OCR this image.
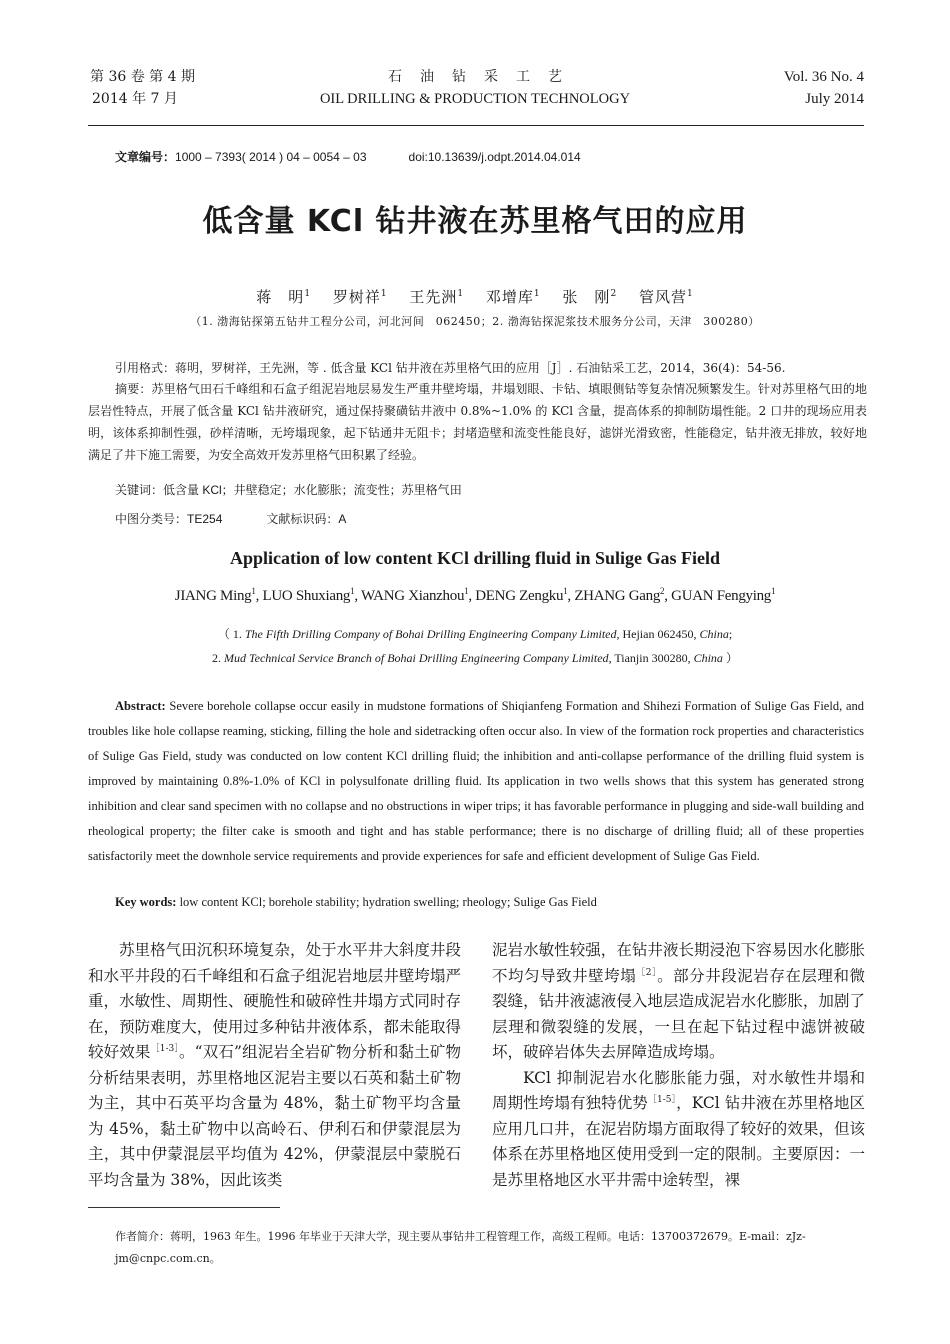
第 36 卷 第 4 期
2014 年 7 月
石油钻采工艺
OIL DRILLING & PRODUCTION TECHNOLOGY
Vol. 36 No. 4
July 2014
文章编号：1000 – 7393( 2014 ) 04 – 0054 – 03	doi:10.13639/j.odpt.2014.04.014
低含量 KCl 钻井液在苏里格气田的应用
蒋　明$^1$ 罗树祥$^1$ 王先洲$^1$ 邓增库$^1$ 张　刚$^2$ 管风营$^1$
（1. 渤海钻探第五钻井工程分公司，河北河间　062450；2. 渤海钻探泥浆技术服务分公司，天津　300280）
引用格式：蒋明，罗树祥，王先洲，等 . 低含量 KCl 钻井液在苏里格气田的应用［J］. 石油钻采工艺，2014，36(4)：54-56.
摘要：苏里格气田石千峰组和石盒子组泥岩地层易发生严重井壁垮塌，井塌划眼、卡钻、填眼侧钻等复杂情况频繁发生。针对苏里格气田的地层岩性特点，开展了低含量 KCl 钻井液研究，通过保持聚磺钻井液中 0.8%~1.0% 的 KCl 含量，提高体系的抑制防塌性能。2 口井的现场应用表明，该体系抑制性强，砂样清晰，无垮塌现象，起下钻通井无阻卡；封堵造壁和流变性能良好，滤饼光滑致密，性能稳定，钻井液无排放，较好地满足了井下施工需要，为安全高效开发苏里格气田积累了经验。
关键词：低含量 KCl；井壁稳定；水化膨胀；流变性；苏里格气田
中图分类号：TE254	文献标识码：A
Application of low content KCl drilling fluid in Sulige Gas Field
JIANG Ming$^1$, LUO Shuxiang$^1$, WANG Xianzhou$^1$, DENG Zengku$^1$, ZHANG Gang$^2$, GUAN Fengying$^1$
（ 1. The Fifth Drilling Company of Bohai Drilling Engineering Company Limited, Hejian 062450, China;
2. Mud Technical Service Branch of Bohai Drilling Engineering Company Limited, Tianjin 300280, China ）
Abstract: Severe borehole collapse occur easily in mudstone formations of Shiqianfeng Formation and Shihezi Formation of Sulige Gas Field, and troubles like hole collapse reaming, sticking, filling the hole and sidetracking often occur also. In view of the formation rock properties and characteristics of Sulige Gas Field, study was conducted on low content KCl drilling fluid; the inhibition and anti-collapse performance of the drilling fluid system is improved by maintaining 0.8%-1.0% of KCl in polysulfonate drilling fluid. Its application in two wells shows that this system has generated strong inhibition and clear sand specimen with no collapse and no obstructions in wiper trips; it has favorable performance in plugging and side-wall building and rheological property; the filter cake is smooth and tight and has stable performance; there is no discharge of drilling fluid; all of these properties satisfactorily meet the downhole service requirements and provide experiences for safe and efficient development of Sulige Gas Field.
Key words: low content KCl; borehole stability; hydration swelling; rheology; Sulige Gas Field

苏里格气田沉积环境复杂，处于水平井大斜度井段和水平井段的石千峰组和石盒子组泥岩地层井壁垮塌严重，水敏性、周期性、硬脆性和破碎性井塌方式同时存在，预防难度大，使用过多种钻井液体系，都未能取得较好效果$^{[1-3]}$。“双石”组泥岩全岩矿物分析和黏土矿物分析结果表明，苏里格地区泥岩主要以石英和黏土矿物为主，其中石英平均含量为 48%，黏土矿物平均含量为 45%，黏土矿物中以高岭石、伊利石和伊蒙混层为主，其中伊蒙混层平均值为 42%，伊蒙混层中蒙脱石平均含量为 38%，因此该类

泥岩水敏性较强，在钻井液长期浸泡下容易因水化膨胀不均匀导致井壁垮塌$^{[2]}$。部分井段泥岩存在层理和微裂缝，钻井液滤液侵入地层造成泥岩水化膨胀，加剧了层理和微裂缝的发展，一旦在起下钻过程中滤饼被破坏，破碎岩体失去屏障造成垮塌。

KCl 抑制泥岩水化膨胀能力强，对水敏性井塌和周期性垮塌有独特优势$^{[1-5]}$，KCl 钻井液在苏里格地区应用几口井，在泥岩防塌方面取得了较好的效果，但该体系在苏里格地区使用受到一定的限制。主要原因：一是苏里格地区水平井需中途转型，裸

作者简介：蒋明，1963 年生。1996 年毕业于天津大学，现主要从事钻井工程管理工作，高级工程师。电话：13700372679。E-mail：zJz-jm@cnpc.com.cn。
